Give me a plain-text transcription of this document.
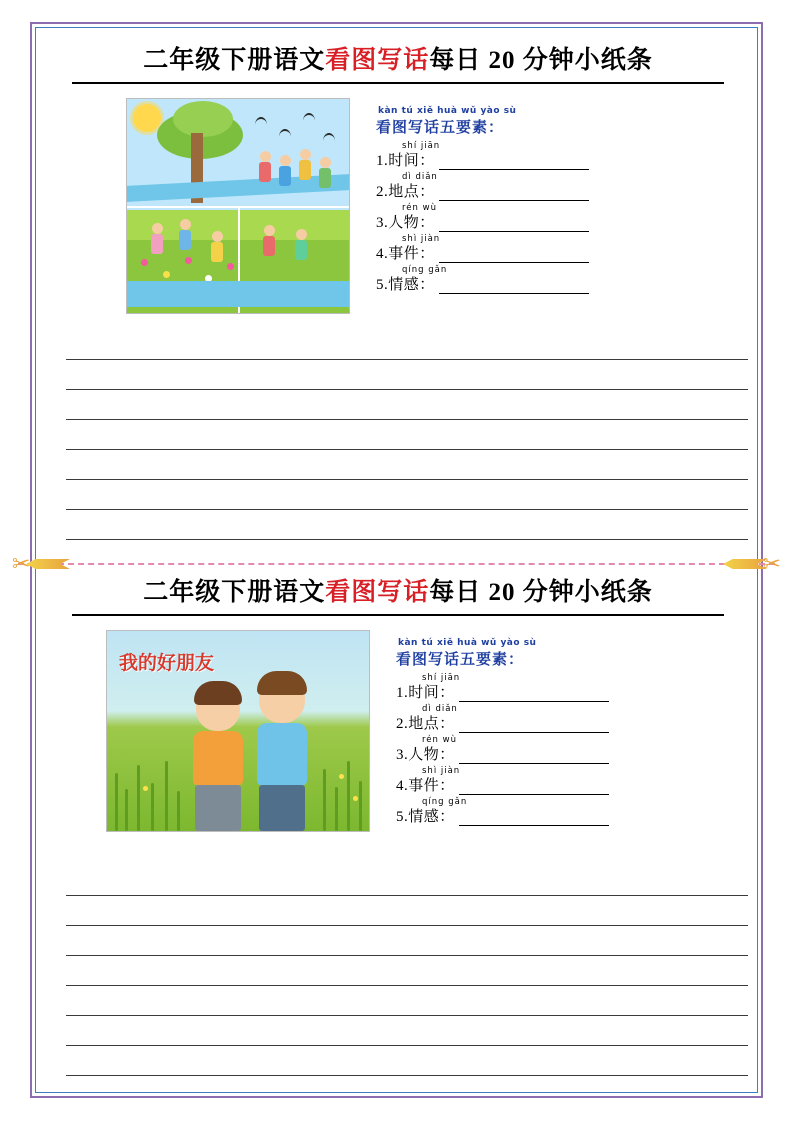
二年级下册语文看图写话每日 20 分钟小纸条
kàn tú xiě huà wǔ yào sù
看图写话五要素：
shí jiān
1. 时间：
dì diǎn
2. 地点：
rén wù
3. 人物：
shì jiàn
4. 事件：
qíng gǎn
5. 情感：
✂	✂
二年级下册语文看图写话每日 20 分钟小纸条
我的好朋友
kàn tú xiě huà wǔ yào sù
看图写话五要素：
shí jiān
1. 时间：
dì diǎn
2. 地点：
rén wù
3. 人物：
shì jiàn
4. 事件：
qíng gǎn
5. 情感：
